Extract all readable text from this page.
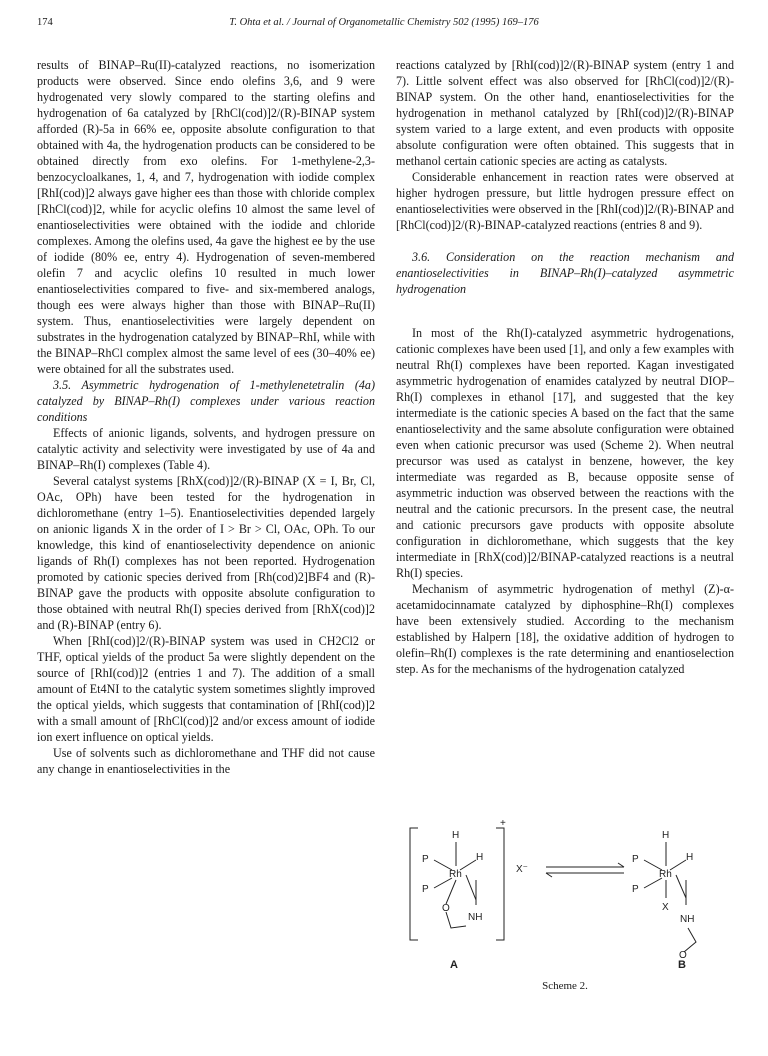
174	T. Ohta et al. / Journal of Organometallic Chemistry 502 (1995) 169–176

results of BINAP–Ru(II)-catalyzed reactions, no isomerization products were observed. Since endo olefins 3,6, and 9 were hydrogenated very slowly compared to the starting olefins and hydrogenation of 6a catalyzed by [RhCl(cod)]2/(R)-BINAP system afforded (R)-5a in 66% ee, opposite absolute configuration to that obtained with 4a, the hydrogenation products can be considered to be obtained directly from exo olefins. For 1-methylene-2,3-benzocycloalkanes, 1, 4, and 7, hydrogenation with iodide complex [RhI(cod)]2 always gave higher ees than those with chloride complex [RhCl(cod)]2, while for acyclic olefins 10 almost the same level of enantioselectivities were obtained with the iodide and chloride complexes. Among the olefins used, 4a gave the highest ee by the use of iodide (80% ee, entry 4). Hydrogenation of seven-membered olefin 7 and acyclic olefins 10 resulted in much lower enantioselectivities compared to five- and six-membered analogs, though ees were always higher than those with BINAP–Ru(II) system. Thus, enantioselectivities were largely dependent on substrates in the hydrogenation catalyzed by BINAP–RhI, while with the BINAP–RhCl complex almost the same level of ees (30–40% ee) were obtained for all the substrates used.

3.5. Asymmetric hydrogenation of 1-methylenetetralin (4a) catalyzed by BINAP–Rh(I) complexes under various reaction conditions

Effects of anionic ligands, solvents, and hydrogen pressure on catalytic activity and selectivity were investigated by use of 4a and BINAP–Rh(I) complexes (Table 4).

Several catalyst systems [RhX(cod)]2/(R)-BINAP (X = I, Br, Cl, OAc, OPh) have been tested for the hydrogenation in dichloromethane (entry 1–5). Enantioselectivities depended largely on anionic ligands X in the order of I > Br > Cl, OAc, OPh. To our knowledge, this kind of enantioselectivity dependence on anionic ligands of Rh(I) complexes has not been reported. Hydrogenation promoted by cationic species derived from [Rh(cod)2]BF4 and (R)-BINAP gave the products with opposite absolute configuration to those obtained with neutral Rh(I) species derived from [RhX(cod)]2 and (R)-BINAP (entry 6).

When [RhI(cod)]2/(R)-BINAP system was used in CH2Cl2 or THF, optical yields of the product 5a were slightly dependent on the source of [RhI(cod)]2 (entries 1 and 7). The addition of a small amount of Et4NI to the catalytic system sometimes slightly improved the optical yields, which suggests that contamination of [RhI(cod)]2 with a small amount of [RhCl(cod)]2 and/or excess amount of iodide ion exert influence on optical yields.

Use of solvents such as dichloromethane and THF did not cause any change in enantioselectivities in the

reactions catalyzed by [RhI(cod)]2/(R)-BINAP system (entry 1 and 7). Little solvent effect was also observed for [RhCl(cod)]2/(R)-BINAP system. On the other hand, enantioselectivities for the hydrogenation in methanol catalyzed by [RhI(cod)]2/(R)-BINAP system varied to a large extent, and even products with opposite absolute configuration were often obtained. This suggests that in methanol certain cationic species are acting as catalysts.

Considerable enhancement in reaction rates were observed at higher hydrogen pressure, but little hydrogen pressure effect on enantioselectivities were observed in the [RhI(cod)]2/(R)-BINAP and [RhCl(cod)]2/(R)-BINAP-catalyzed reactions (entries 8 and 9).

3.6. Consideration on the reaction mechanism and enantioselectivities in BINAP–Rh(I)–catalyzed asymmetric hydrogenation

In most of the Rh(I)-catalyzed asymmetric hydrogenations, cationic complexes have been used [1], and only a few examples with neutral Rh(I) complexes have been reported. Kagan investigated asymmetric hydrogenation of enamides catalyzed by neutral DIOP–Rh(I) complexes in ethanol [17], and suggested that the key intermediate is the cationic species A based on the fact that the same enantioselectivity and the same absolute configuration were obtained even when cationic precursor was used (Scheme 2). When neutral precursor was used as catalyst in benzene, however, the key intermediate was regarded as B, because opposite sense of asymmetric induction was observed between the reactions with the neutral and the cationic precursors. In the present case, the neutral and cationic precursors gave products with opposite absolute configuration in dichloromethane, which suggests that the key intermediate in [RhX(cod)]2/BINAP-catalyzed reactions is a neutral Rh(I) species.

Mechanism of asymmetric hydrogenation of methyl (Z)-α-acetamidocinnamate catalyzed by diphosphine–Rh(I) complexes have been extensively studied. According to the mechanism established by Halpern [18], the oxidative addition of hydrogen to olefin–Rh(I) complexes is the rate determining and enantioselection step. As for the mechanisms of the hydrogenation catalyzed

H
+
P	H
Rh
P
O
NH
X⁻
H
P	H
Rh
P
X
NH
O
A	B
Scheme 2.
